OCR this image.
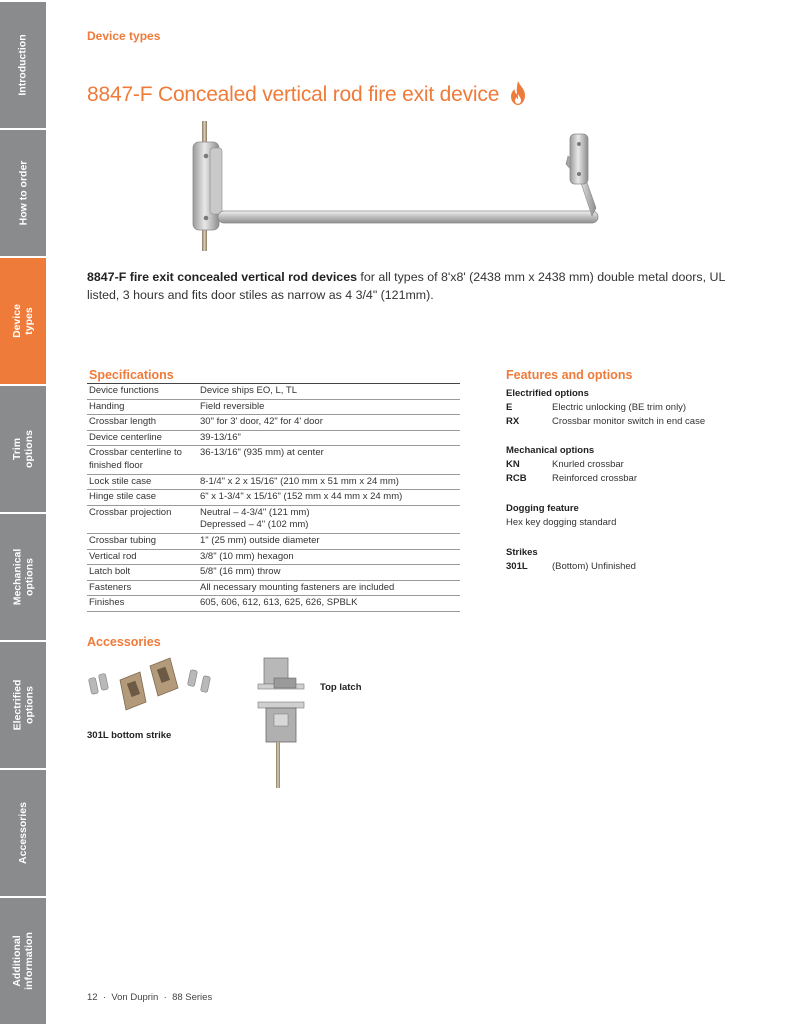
Introduction
How to order
Device
types
Trim
options
Mechanical
options
Electrified
options
Accessories
Additional
information
Device types
8847-F Concealed vertical rod fire exit device

8847-F fire exit concealed vertical rod devices for all types of 8'x8' (2438 mm x 2438 mm) double metal doors, UL listed, 3 hours and fits door stiles as narrow as 4 3/4" (121mm).

Specifications
Device functions	Device ships EO, L, TL
Handing	Field reversible
Crossbar length	30" for 3' door, 42" for 4' door
Device centerline	39-13/16"
Crossbar centerline to finished floor	36-13/16" (935 mm) at center
Lock stile case	8-1/4" x 2 x 15/16" (210 mm x 51 mm x 24 mm)
Hinge stile case	6" x 1-3/4" x 15/16" (152 mm x 44 mm x 24 mm)
Crossbar projection	Neutral – 4-3/4" (121 mm)
Depressed – 4" (102 mm)
Crossbar tubing	1" (25 mm) outside diameter
Vertical rod	3/8" (10 mm) hexagon
Latch bolt	5/8" (16 mm) throw
Fasteners	All necessary mounting fasteners are included
Finishes	605, 606, 612, 613, 625, 626, SPBLK
Features and options
Electrified options
E	Electric unlocking (BE trim only)
RX	Crossbar monitor switch in end case
Mechanical options
KN	Knurled crossbar
RCB	Reinforced crossbar
Dogging feature
Hex key dogging standard
Strikes
301L	(Bottom) Unfinished
Accessories
301L bottom strike
Top latch
12  ·  Von Duprin  ·  88 Series
